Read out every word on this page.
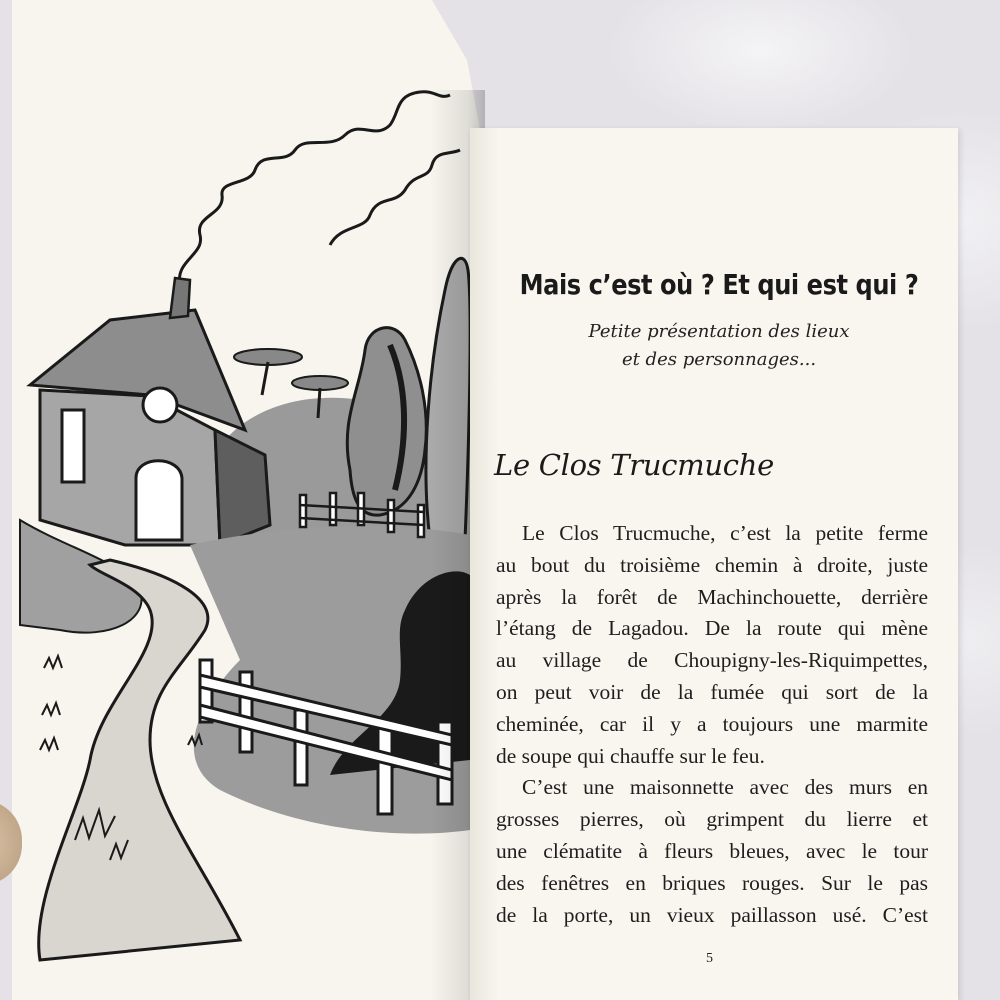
Mais c’est où ? Et qui est qui ?
Petite présentation des lieux
et des personnages...
Le Clos Trucmuche
Le Clos Trucmuche, c’est la petite ferme
au bout du troisième chemin à droite, juste
après la forêt de Machinchouette, derrière
l’étang de Lagadou. De la route qui mène
au village de Choupigny-les-Riquimpettes,
on peut voir de la fumée qui sort de la
cheminée, car il y a toujours une marmite
de soupe qui chauffe sur le feu.
C’est une maisonnette avec des murs en
grosses pierres, où grimpent du lierre et
une clématite à fleurs bleues, avec le tour
des fenêtres en briques rouges. Sur le pas
de la porte, un vieux paillasson usé. C’est
5
